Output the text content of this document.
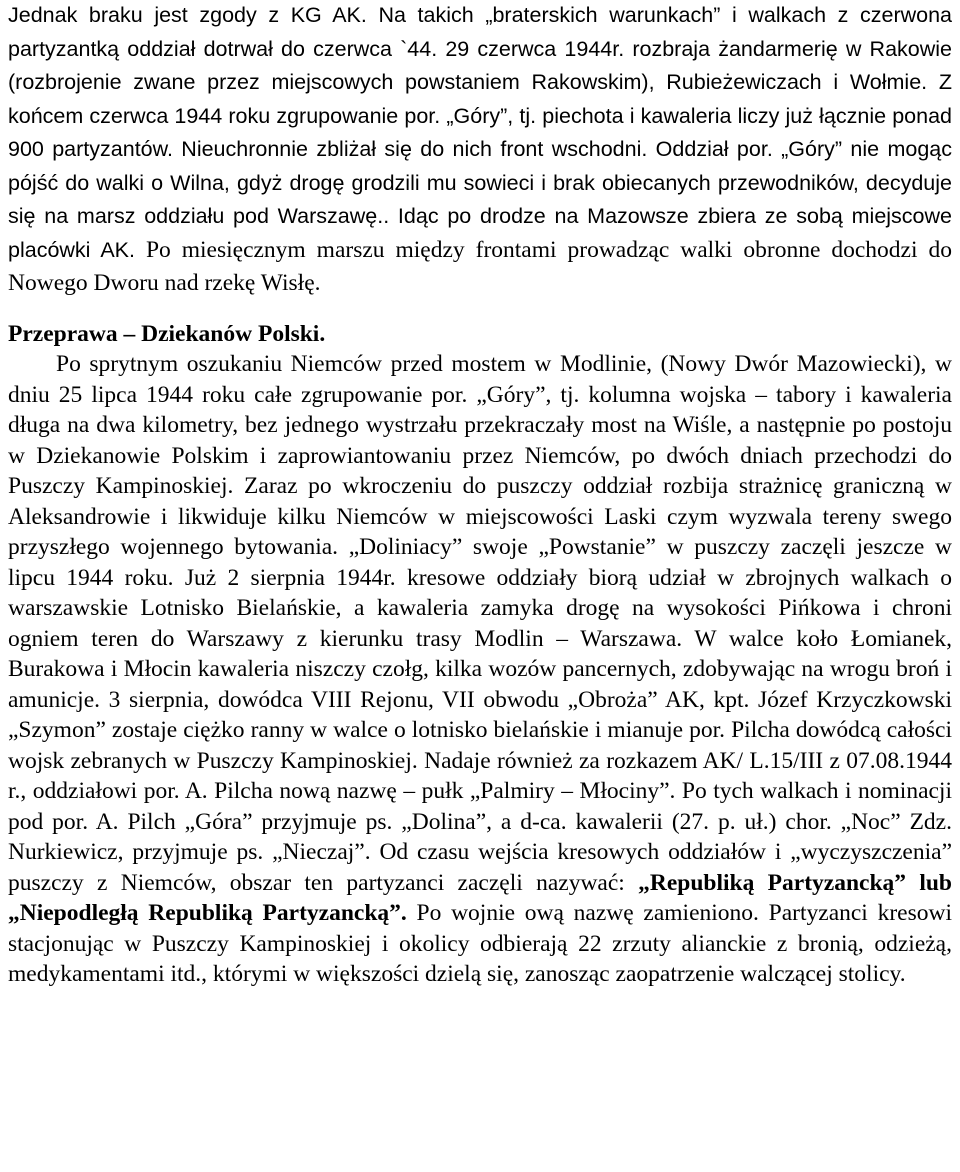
Jednak braku jest zgody z KG AK. Na takich „braterskich warunkach” i walkach z czerwona partyzantką oddział dotrwał do czerwca `44. 29 czerwca 1944r. rozbraja żandarmerię w Rakowie (rozbrojenie zwane przez miejscowych powstaniem Rakowskim), Rubieżewiczach i Wołmie. Z końcem czerwca 1944 roku zgrupowanie por. „Góry”, tj. piechota i kawaleria liczy już łącznie ponad 900 partyzantów. Nieuchronnie zbliżał się do nich front wschodni. Oddział por. „Góry” nie mogąc pójść do walki o Wilna, gdyż drogę grodzili mu sowieci i brak obiecanych przewodników, decyduje się na marsz oddziału pod Warszawę.. Idąc po drodze na Mazowsze zbiera ze sobą miejscowe placówki AK. Po miesięcznym marszu między frontami prowadząc walki obronne dochodzi do Nowego Dworu nad rzekę Wisłę.

Przeprawa – Dziekanów Polski.

Po sprytnym oszukaniu Niemców przed mostem w Modlinie, (Nowy Dwór Mazowiecki), w dniu 25 lipca 1944 roku całe zgrupowanie por. „Góry”, tj. kolumna wojska – tabory i kawaleria długa na dwa kilometry, bez jednego wystrzału przekraczały most na Wiśle, a następnie po postoju w Dziekanowie Polskim i zaprowiantowaniu przez Niemców, po dwóch dniach przechodzi do Puszczy Kampinoskiej. Zaraz po wkroczeniu do puszczy oddział rozbija strażnicę graniczną w Aleksandrowie i likwiduje kilku Niemców w miejscowości Laski czym wyzwala tereny swego przyszłego wojennego bytowania. „Doliniacy” swoje „Powstanie” w puszczy zaczęli jeszcze w lipcu 1944 roku. Już 2 sierpnia 1944r. kresowe oddziały biorą udział w zbrojnych walkach o warszawskie Lotnisko Bielańskie, a kawaleria zamyka drogę na wysokości Pińkowa i chroni ogniem teren do Warszawy z kierunku trasy Modlin – Warszawa. W walce koło Łomianek, Burakowa i Młocin kawaleria niszczy czołg, kilka wozów pancernych, zdobywając na wrogu broń i amunicje. 3 sierpnia, dowódca VIII Rejonu, VII obwodu „Obroża” AK, kpt. Józef Krzyczkowski „Szymon” zostaje ciężko ranny w walce o lotnisko bielańskie i mianuje por. Pilcha dowódcą całości wojsk zebranych w Puszczy Kampinoskiej. Nadaje również za rozkazem AK/ L.15/III z 07.08.1944 r., oddziałowi por. A. Pilcha nową nazwę – pułk „Palmiry – Młociny”. Po tych walkach i nominacji pod por. A. Pilch „Góra” przyjmuje ps. „Dolina”, a d-ca. kawalerii (27. p. uł.) chor. „Noc” Zdz. Nurkiewicz, przyjmuje ps. „Nieczaj”. Od czasu wejścia kresowych oddziałów i „wyczyszczenia” puszczy z Niemców, obszar ten partyzanci zaczęli nazywać: „Republiką Partyzancką” lub „Niepodległą Republiką Partyzancką”. Po wojnie ową nazwę zamieniono. Partyzanci kresowi stacjonując w Puszczy Kampinoskiej i okolicy odbierają 22 zrzuty alianckie z bronią, odzieżą, medykamentami itd., którymi w większości dzielą się, zanosząc zaopatrzenie walczącej stolicy.
